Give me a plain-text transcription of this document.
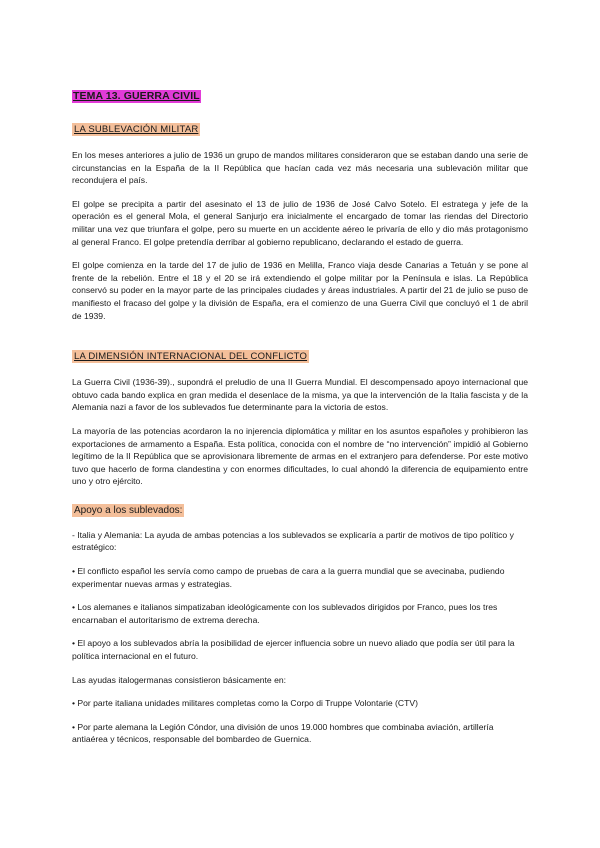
TEMA 13. GUERRA CIVIL
LA SUBLEVACIÓN MILITAR

En los meses anteriores a julio de 1936 un grupo de mandos militares consideraron que se estaban dando una serie de circunstancias en la España de la II República que hacían cada vez más necesaria una sublevación militar que recondujera el país.

El golpe se precipita a partir del asesinato el 13 de julio de 1936 de José Calvo Sotelo. El estratega y jefe de la operación es el general Mola, el general Sanjurjo era inicialmente el encargado de tomar las riendas del Directorio militar una vez que triunfara el golpe, pero su muerte en un accidente aéreo le privaría de ello y dio más protagonismo al general Franco. El golpe pretendía derribar al gobierno republicano, declarando el estado de guerra.

El golpe comienza en la tarde del 17 de julio de 1936 en Melilla, Franco viaja desde Canarias a Tetuán y se pone al frente de la rebelión. Entre el 18 y el 20 se irá extendiendo el golpe militar por la Península e islas. La República conservó su poder en la mayor parte de las principales ciudades y áreas industriales. A partir del 21 de julio se puso de manifiesto el fracaso del golpe y la división de España, era el comienzo de una Guerra Civil que concluyó el 1 de abril de 1939.

LA DIMENSIÓN INTERNACIONAL DEL CONFLICTO

La Guerra Civil (1936-39)., supondrá el preludio de una II Guerra Mundial. El descompensado apoyo internacional que obtuvo cada bando explica en gran medida el desenlace de la misma, ya que la intervención de la Italia fascista y de la Alemania nazi a favor de los sublevados fue determinante para la victoria de estos.

La mayoría de las potencias acordaron la no injerencia diplomática y militar en los asuntos españoles y prohibieron las exportaciones de armamento a España. Esta política, conocida con el nombre de “no intervención” impidió al Gobierno legítimo de la II República que se aprovisionara libremente de armas en el extranjero para defenderse. Por este motivo tuvo que hacerlo de forma clandestina y con enormes dificultades, lo cual ahondó la diferencia de equipamiento entre uno y otro ejército.

Apoyo a los sublevados:

- Italia y Alemania: La ayuda de ambas potencias a los sublevados se explicaría a partir de motivos de tipo político y estratégico:

• El conflicto español les servía como campo de pruebas de cara a la guerra mundial que se avecinaba, pudiendo experimentar nuevas armas y estrategias.

• Los alemanes e italianos simpatizaban ideológicamente con los sublevados dirigidos por Franco, pues los tres encarnaban el autoritarismo de extrema derecha.

• El apoyo a los sublevados abría la posibilidad de ejercer influencia sobre un nuevo aliado que podía ser útil para la política internacional en el futuro.

Las ayudas italogermanas consistieron básicamente en:

• Por parte italiana unidades militares completas como la Corpo di Truppe Volontarie (CTV)

• Por parte alemana la Legión Cóndor, una división de unos 19.000 hombres que combinaba aviación, artillería antiaérea y técnicos, responsable del bombardeo de Guernica.
